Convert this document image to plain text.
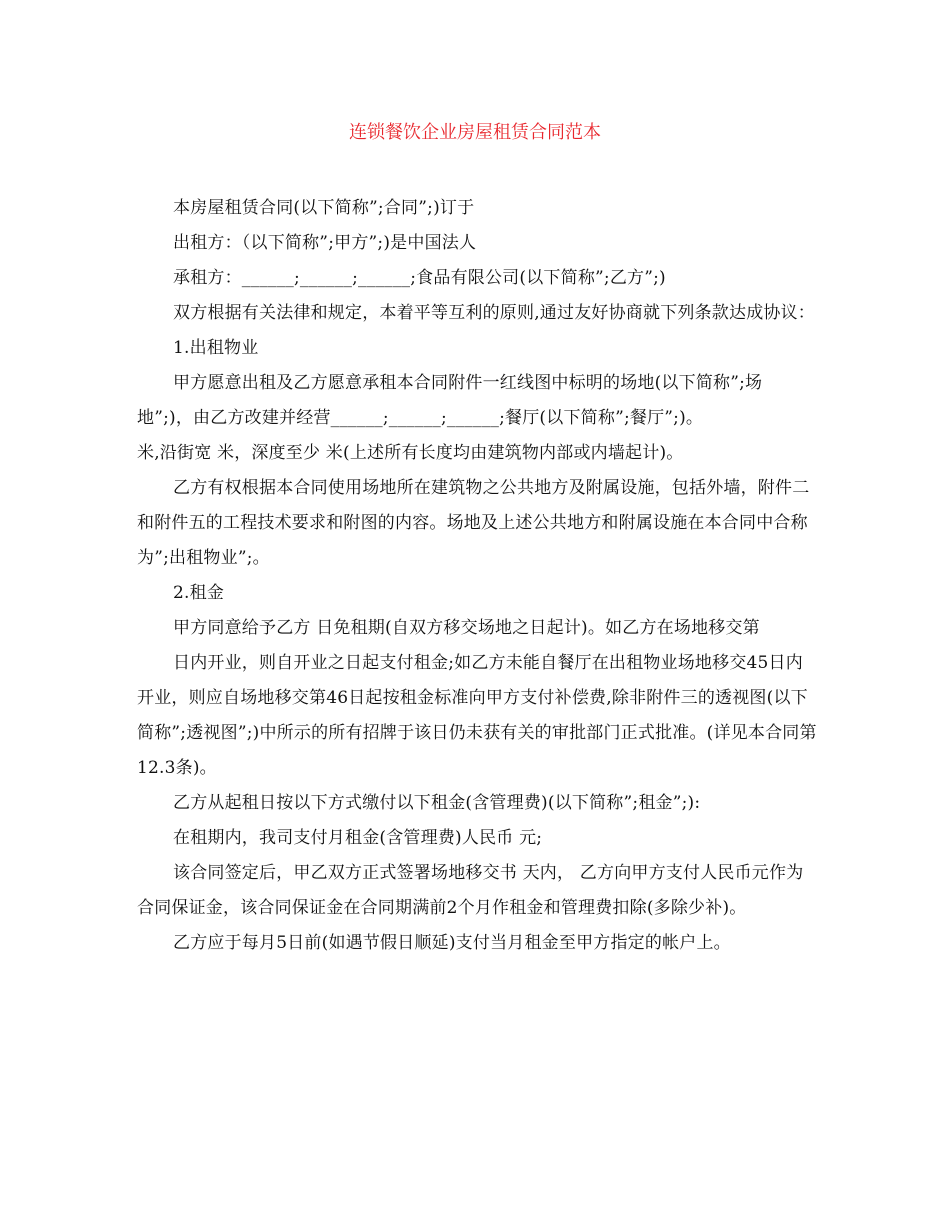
连锁餐饮企业房屋租赁合同范本

本房屋租赁合同(以下简称”;合同”;)订于

出租方：（以下简称”;甲方”;)是中国法人

承租方：______;______;______;食品有限公司(以下简称”;乙方”;)

双方根据有关法律和规定，本着平等互利的原则,通过友好协商就下列条款达成协议：

1.出租物业

甲方愿意出租及乙方愿意承租本合同附件一红线图中标明的场地(以下简称”;场地”;)，由乙方改建并经营______;______;______;餐厅(以下简称”;餐厅”;)。

米,沿街宽 米，深度至少 米(上述所有长度均由建筑物内部或内墙起计)。

乙方有权根据本合同使用场地所在建筑物之公共地方及附属设施，包括外墙，附件二和附件五的工程技术要求和附图的内容。场地及上述公共地方和附属设施在本合同中合称为”;出租物业”;。

2.租金

甲方同意给予乙方 日免租期(自双方移交场地之日起计)。如乙方在场地移交第

日内开业，则自开业之日起支付租金;如乙方未能自餐厅在出租物业场地移交45日内开业，则应自场地移交第46日起按租金标准向甲方支付补偿费,除非附件三的透视图(以下简称”;透视图”;)中所示的所有招牌于该日仍未获有关的审批部门正式批准。(详见本合同第12.3条)。

乙方从起租日按以下方式缴付以下租金(含管理费)(以下简称”;租金”;):

在租期内，我司支付月租金(含管理费)人民币 元;

该合同签定后，甲乙双方正式签署场地移交书 天内， 乙方向甲方支付人民币元作为合同保证金，该合同保证金在合同期满前2个月作租金和管理费扣除(多除少补)。

乙方应于每月5日前(如遇节假日顺延)支付当月租金至甲方指定的帐户上。
